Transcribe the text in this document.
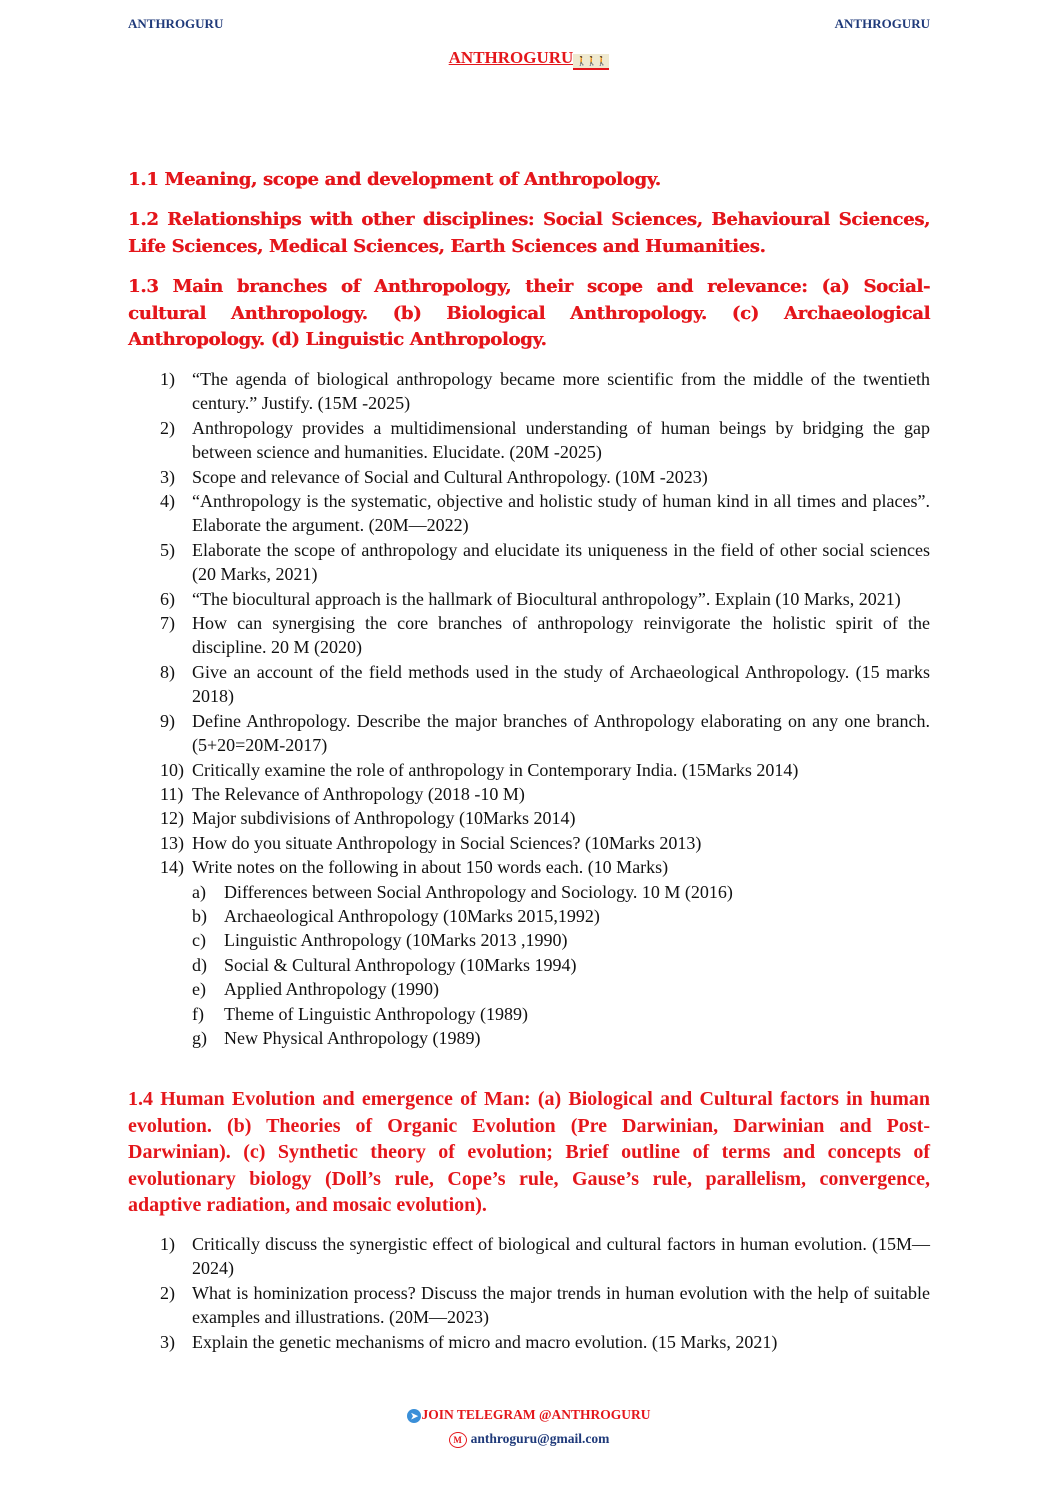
ANTHROGURU	ANTHROGURU
ANTHROGURU 🚶🚶🚶
1.1 Meaning, scope and development of Anthropology.
1.2 Relationships with other disciplines: Social Sciences, Behavioural Sciences, Life Sciences, Medical Sciences, Earth Sciences and Humanities.
1.3 Main branches of Anthropology, their scope and relevance: (a) Social- cultural Anthropology. (b) Biological Anthropology. (c) Archaeological Anthropology. (d) Linguistic Anthropology.
1) “The agenda of biological anthropology became more scientific from the middle of the twentieth century.” Justify. (15M -2025)
2) Anthropology provides a multidimensional understanding of human beings by bridging the gap between science and humanities. Elucidate. (20M -2025)
3) Scope and relevance of Social and Cultural Anthropology. (10M -2023)
4) “Anthropology is the systematic, objective and holistic study of human kind in all times and places”. Elaborate the argument. (20M—2022)
5) Elaborate the scope of anthropology and elucidate its uniqueness in the field of other social sciences (20 Marks, 2021)
6) “The biocultural approach is the hallmark of Biocultural anthropology”. Explain (10 Marks, 2021)
7) How can synergising the core branches of anthropology reinvigorate the holistic spirit of the discipline. 20 M (2020)
8) Give an account of the field methods used in the study of Archaeological Anthropology. (15 marks 2018)
9) Define Anthropology. Describe the major branches of Anthropology elaborating on any one branch. (5+20=20M-2017)
10) Critically examine the role of anthropology in Contemporary India. (15Marks 2014)
11) The Relevance of Anthropology (2018 -10 M)
12) Major subdivisions of Anthropology (10Marks 2014)
13) How do you situate Anthropology in Social Sciences? (10Marks 2013)
14) Write notes on the following in about 150 words each. (10 Marks)
a) Differences between Social Anthropology and Sociology. 10 M (2016)
b) Archaeological Anthropology (10Marks 2015,1992)
c) Linguistic Anthropology (10Marks 2013 ,1990)
d) Social & Cultural Anthropology (10Marks 1994)
e) Applied Anthropology (1990)
f) Theme of Linguistic Anthropology (1989)
g) New Physical Anthropology (1989)
1.4 Human Evolution and emergence of Man: (a) Biological and Cultural factors in human evolution. (b) Theories of Organic Evolution (Pre Darwinian, Darwinian and Post-Darwinian). (c) Synthetic theory of evolution; Brief outline of terms and concepts of evolutionary biology (Doll’s rule, Cope’s rule, Gause’s rule, parallelism, convergence, adaptive radiation, and mosaic evolution).
1) Critically discuss the synergistic effect of biological and cultural factors in human evolution. (15M—2024)
2) What is hominization process? Discuss the major trends in human evolution with the help of suitable examples and illustrations. (20M—2023)
3) Explain the genetic mechanisms of micro and macro evolution. (15 Marks, 2021)
➤ JOIN TELEGRAM @ANTHROGURU
M anthroguru@gmail.com
